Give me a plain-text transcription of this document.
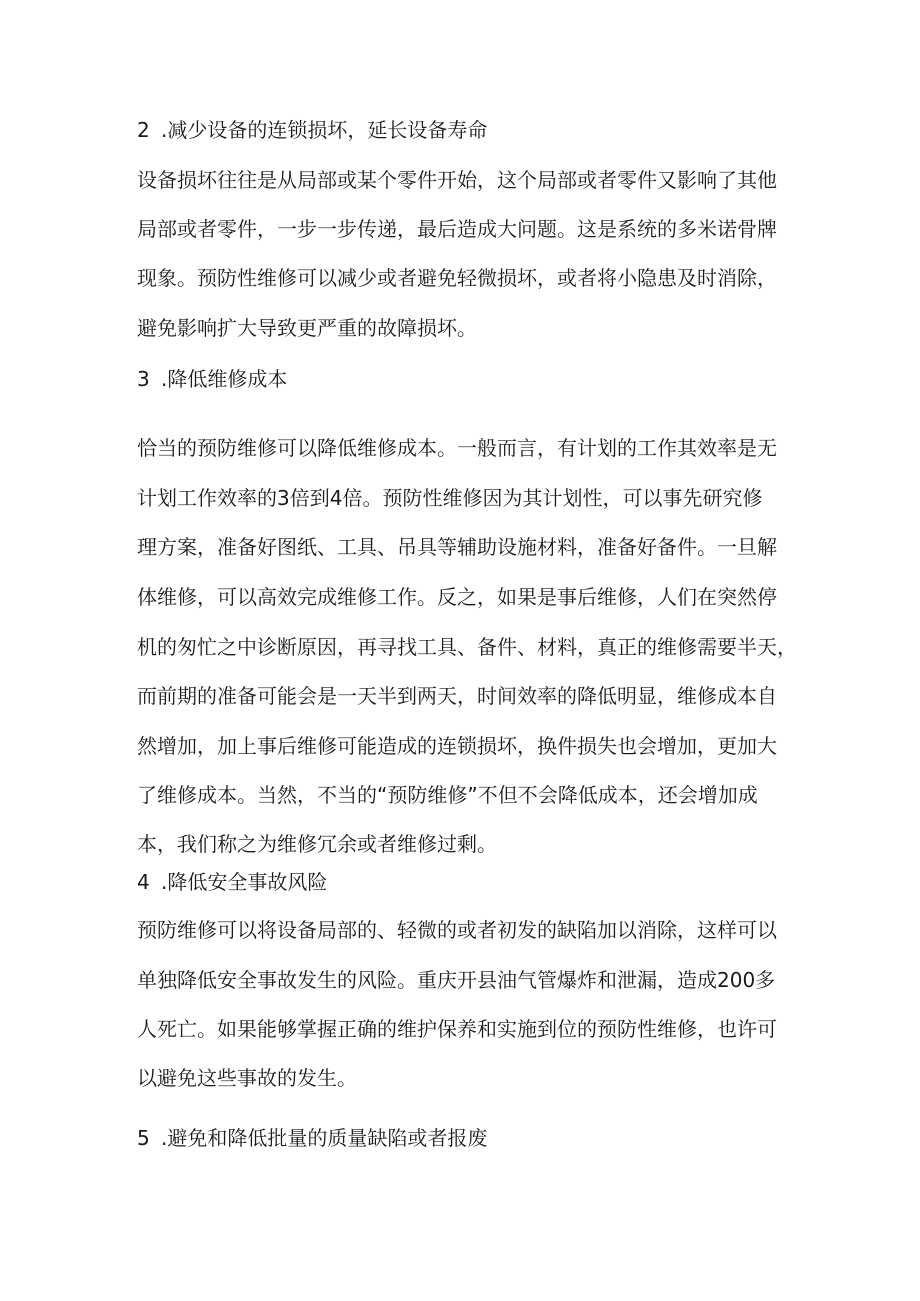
2 .减少设备的连锁损坏，延长设备寿命
设备损坏往往是从局部或某个零件开始，这个局部或者零件又影响了其他
局部或者零件，一步一步传递，最后造成大问题。这是系统的多米诺骨牌
现象。预防性维修可以减少或者避免轻微损坏，或者将小隐患及时消除，
避免影响扩大导致更严重的故障损坏。
3 .降低维修成本
恰当的预防维修可以降低维修成本。一般而言，有计划的工作其效率是无
计划工作效率的3倍到4倍。预防性维修因为其计划性，可以事先研究修
理方案，准备好图纸、工具、吊具等辅助设施材料，准备好备件。一旦解
体维修，可以高效完成维修工作。反之，如果是事后维修，人们在突然停
机的匆忙之中诊断原因，再寻找工具、备件、材料，真正的维修需要半天，
而前期的准备可能会是一天半到两天，时间效率的降低明显，维修成本自
然增加，加上事后维修可能造成的连锁损坏，换件损失也会增加，更加大
了维修成本。当然，不当的“预防维修”不但不会降低成本，还会增加成
本，我们称之为维修冗余或者维修过剩。
4 .降低安全事故风险
预防维修可以将设备局部的、轻微的或者初发的缺陷加以消除，这样可以
单独降低安全事故发生的风险。重庆开县油气管爆炸和泄漏，造成200多
人死亡。如果能够掌握正确的维护保养和实施到位的预防性维修，也许可
以避免这些事故的发生。
5 .避免和降低批量的质量缺陷或者报废
